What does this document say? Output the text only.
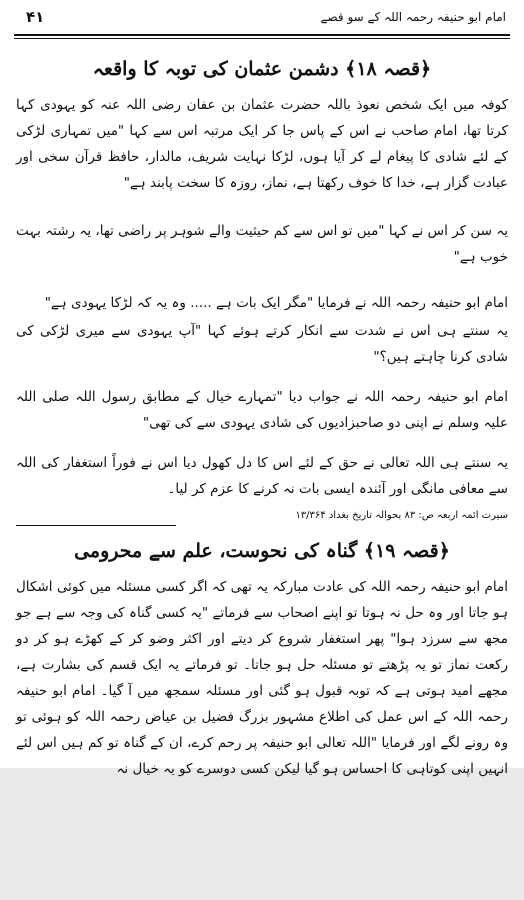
امام ابو حنیفہ رحمہ اللہ کے سو قصے
۴۱
﴿قصہ ۱۸﴾ دشمن عثمان کی توبہ کا واقعہ
کوفہ میں ایک شخص نعوذ باللہ حضرت عثمان بن عفان رضی اللہ عنہ کو یہودی کہا کرتا تھا، امام صاحب نے اس کے پاس جا کر ایک مرتبہ اس سے کہا "میں تمہاری لڑکی کے لئے شادی کا پیغام لے کر آیا ہوں، لڑکا نہایت شریف، مالدار، حافظ قرآن سخی اور عبادت گزار ہے، خدا کا خوف رکھتا ہے، نماز، روزہ کا سخت پابند ہے"
یہ سن کر اس نے کہا "میں تو اس سے کم حیثیت والے شوہر پر راضی تھا، یہ رشتہ بہت خوب ہے"
امام ابو حنیفہ رحمہ اللہ نے فرمایا "مگر ایک بات ہے ..... وہ یہ کہ لڑکا یہودی ہے"
یہ سنتے ہی اس نے شدت سے انکار کرتے ہوئے کہا "آپ یہودی سے میری لڑکی کی شادی کرنا چاہتے ہیں؟"
امام ابو حنیفہ رحمہ اللہ نے جواب دیا "تمہارے خیال کے مطابق رسول اللہ صلی اللہ علیہ وسلم نے اپنی دو صاحبزادیوں کی شادی یہودی سے کی تھی"
یہ سنتے ہی اللہ تعالی نے حق کے لئے اس کا دل کھول دیا اس نے فوراً استغفار کی اللہ سے معافی مانگی اور آئندہ ایسی بات نہ کرنے کا عزم کر لیا۔
سیرت ائمہ اربعہ ص: ۸۳ بحوالہ تاریخ بغداد ۱۳/۳۶۴
﴿قصہ ۱۹﴾ گناہ کی نحوست، علم سے محرومی
امام ابو حنیفہ رحمہ اللہ کی عادت مبارکہ یہ تھی کہ اگر کسی مسئلہ میں کوئی اشکال ہو جاتا اور وہ حل نہ ہوتا تو اپنے اصحاب سے فرماتے "یہ کسی گناہ کی وجہ سے ہے جو مجھ سے سرزد ہوا" پھر استغفار شروع کر دیتے اور اکثر وضو کر کے کھڑے ہو کر دو رکعت نماز تو یہ پڑھتے تو مسئلہ حل ہو جاتا۔ تو فرماتے یہ ایک قسم کی بشارت ہے، مجھے امید ہوتی ہے کہ توبہ قبول ہو گئی اور مسئلہ سمجھ میں آ گیا۔ امام ابو حنیفہ رحمہ اللہ کے اس عمل کی اطلاع مشہور بزرگ فضیل بن عیاض رحمہ اللہ کو ہوئی تو وہ رونے لگے اور فرمایا "اللہ تعالی ابو حنیفہ پر رحم کرے، ان کے گناہ تو کم ہیں اس لئے انہیں اپنی کوتاہی کا احساس ہو گیا لیکن کسی دوسرے کو یہ خیال نہ
